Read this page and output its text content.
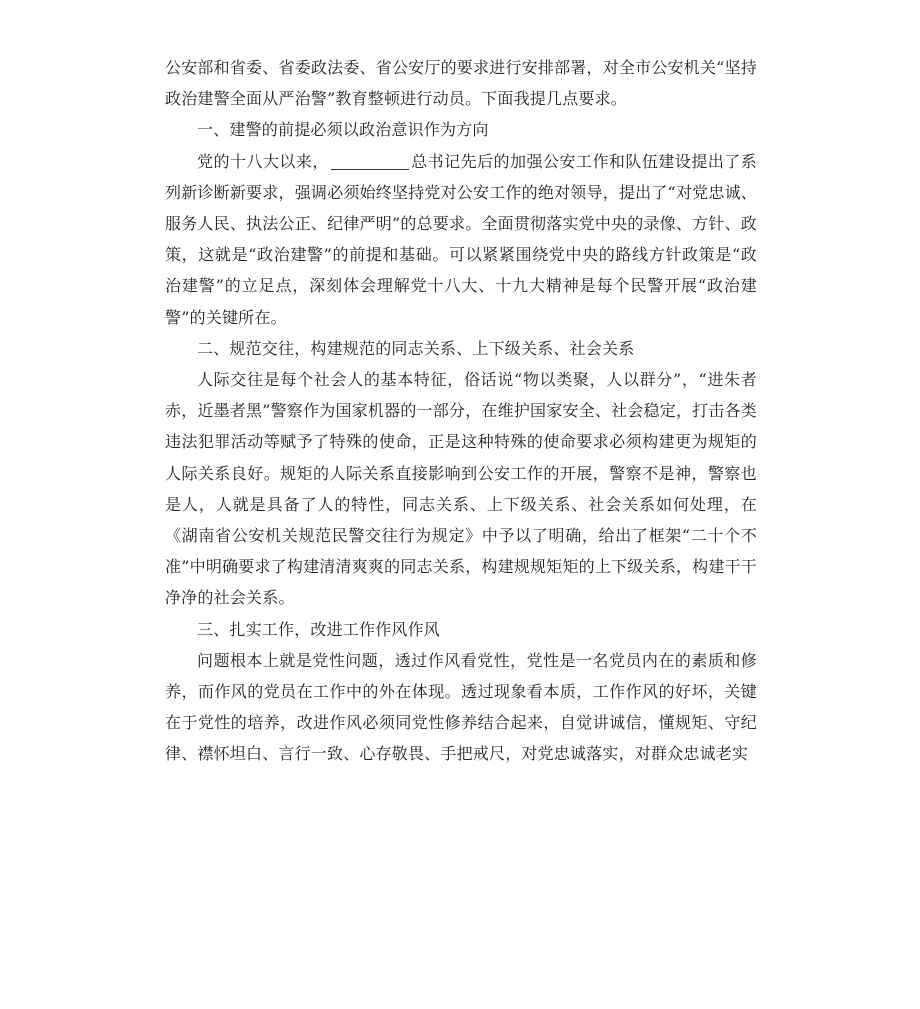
公安部和省委、省委政法委、省公安厅的要求进行安排部署，对全市公安机关“坚持政治建警全面从严治警”教育整顿进行动员。下面我提几点要求。

一、建警的前提必须以政治意识作为方向

党的十八大以来，	总书记先后的加强公安工作和队伍建设提出了系列新诊断新要求，强调必须始终坚持党对公安工作的绝对领导，提出了“对党忠诚、服务人民、执法公正、纪律严明”的总要求。全面贯彻落实党中央的录像、方针、政策，这就是“政治建警”的前提和基础。可以紧紧围绕党中央的路线方针政策是“政治建警”的立足点，深刻体会理解党十八大、十九大精神是每个民警开展“政治建警”的关键所在。

二、规范交往，构建规范的同志关系、上下级关系、社会关系

人际交往是每个社会人的基本特征，俗话说“物以类聚，人以群分”，“进朱者赤，近墨者黑”警察作为国家机器的一部分，在维护国家安全、社会稳定，打击各类违法犯罪活动等赋予了特殊的使命，正是这种特殊的使命要求必须构建更为规矩的人际关系良好。规矩的人际关系直接影响到公安工作的开展，警察不是神，警察也是人，人就是具备了人的特性，同志关系、上下级关系、社会关系如何处理，在《湖南省公安机关规范民警交往行为规定》中予以了明确，给出了框架“二十个不准”中明确要求了构建清清爽爽的同志关系，构建规规矩矩的上下级关系，构建干干净净的社会关系。

三、扎实工作，改进工作作风作风

问题根本上就是党性问题，透过作风看党性，党性是一名党员内在的素质和修养，而作风的党员在工作中的外在体现。透过现象看本质，工作作风的好坏，关键在于党性的培养，改进作风必须同党性修养结合起来，自觉讲诚信，懂规矩、守纪律、襟怀坦白、言行一致、心存敬畏、手把戒尺，对党忠诚落实，对群众忠诚老实
